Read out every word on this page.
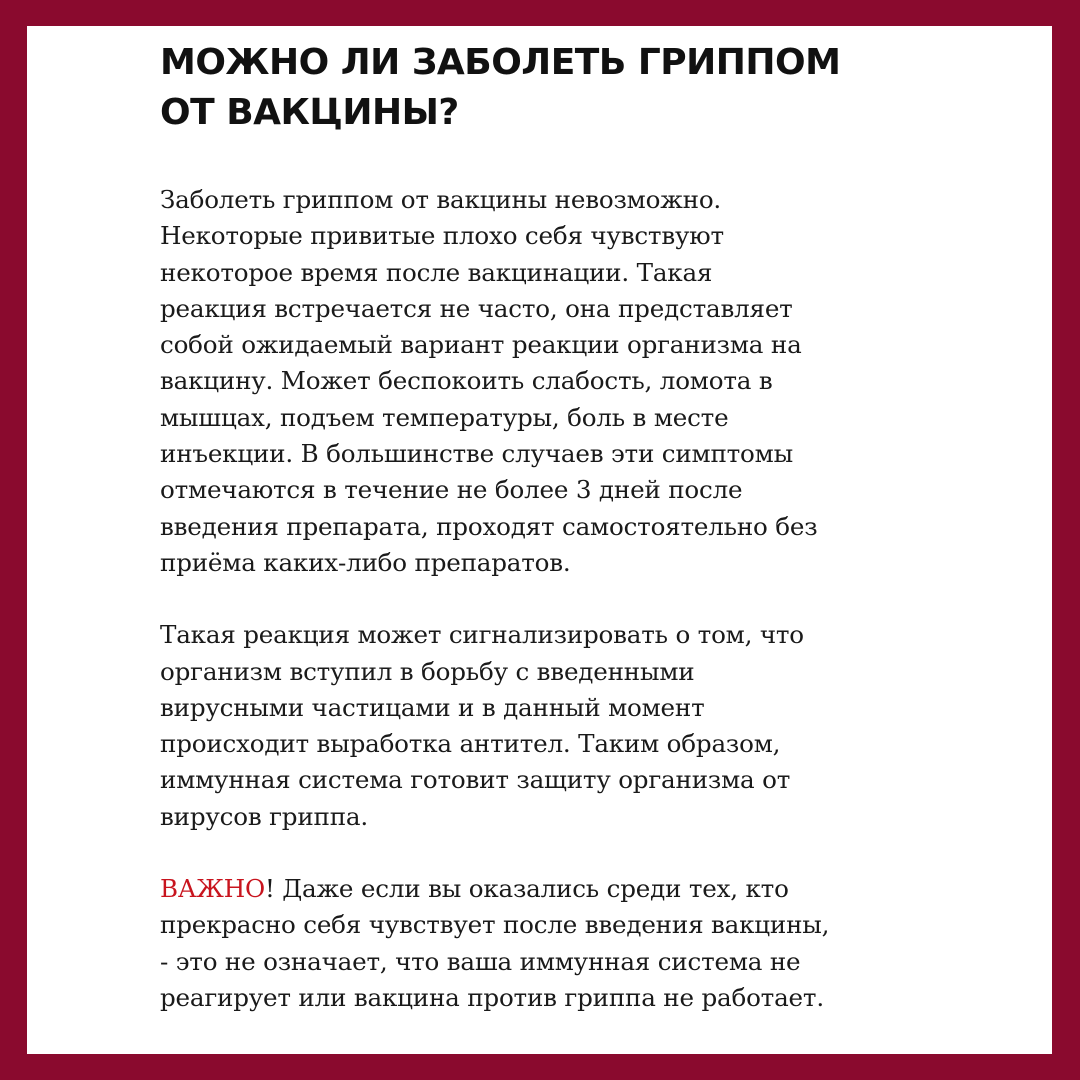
МОЖНО ЛИ ЗАБОЛЕТЬ ГРИППОМ
ОТ ВАКЦИНЫ?

Заболеть гриппом от вакцины невозможно.
Некоторые привитые плохо себя чувствуют
некоторое время после вакцинации. Такая
реакция встречается не часто, она представляет
собой ожидаемый вариант реакции организма на
вакцину. Может беспокоить слабость, ломота в
мышцах, подъем температуры, боль в месте
инъекции. В большинстве случаев эти симптомы
отмечаются в течение не более 3 дней после
введения препарата, проходят самостоятельно без
приёма каких-либо препаратов.

Такая реакция может сигнализировать о том, что
организм вступил в борьбу с введенными
вирусными частицами и в данный момент
происходит выработка антител. Таким образом,
иммунная система готовит защиту организма от
вирусов гриппа.

ВАЖНО! Даже если вы оказались среди тех, кто
прекрасно себя чувствует после введения вакцины,
- это не означает, что ваша иммунная система не
реагирует или вакцина против гриппа не работает.
